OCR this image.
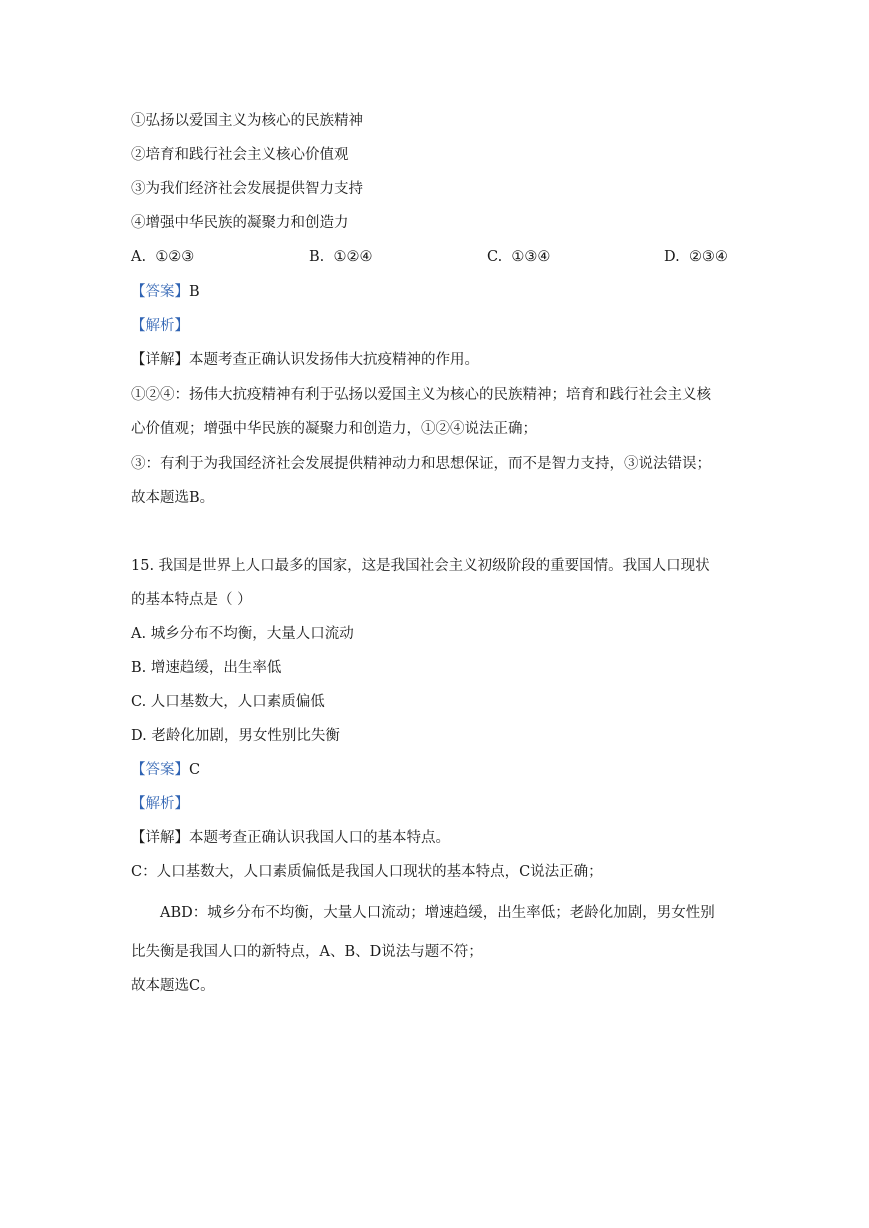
①弘扬以爱国主义为核心的民族精神
②培育和践行社会主义核心价值观
③为我们经济社会发展提供智力支持
④增强中华民族的凝聚力和创造力
A. ①②③	B. ①②④	C. ①③④	D. ②③④
【答案】B
【解析】
【详解】本题考查正确认识发扬伟大抗疫精神的作用。
①②④：扬伟大抗疫精神有利于弘扬以爱国主义为核心的民族精神；培育和践行社会主义核
心价值观；增强中华民族的凝聚力和创造力，①②④说法正确；
③：有利于为我国经济社会发展提供精神动力和思想保证，而不是智力支持，③说法错误；
故本题选B。
15. 我国是世界上人口最多的国家，这是我国社会主义初级阶段的重要国情。我国人口现状
的基本特点是（ ）
A. 城乡分布不均衡，大量人口流动
B. 增速趋缓，出生率低
C. 人口基数大，人口素质偏低
D. 老龄化加剧，男女性别比失衡
【答案】C
【解析】
【详解】本题考查正确认识我国人口的基本特点。
C：人口基数大，人口素质偏低是我国人口现状的基本特点，C说法正确；
ABD：城乡分布不均衡，大量人口流动；增速趋缓，出生率低；老龄化加剧，男女性别
比失衡是我国人口的新特点，A、B、D说法与题不符；
故本题选C。
